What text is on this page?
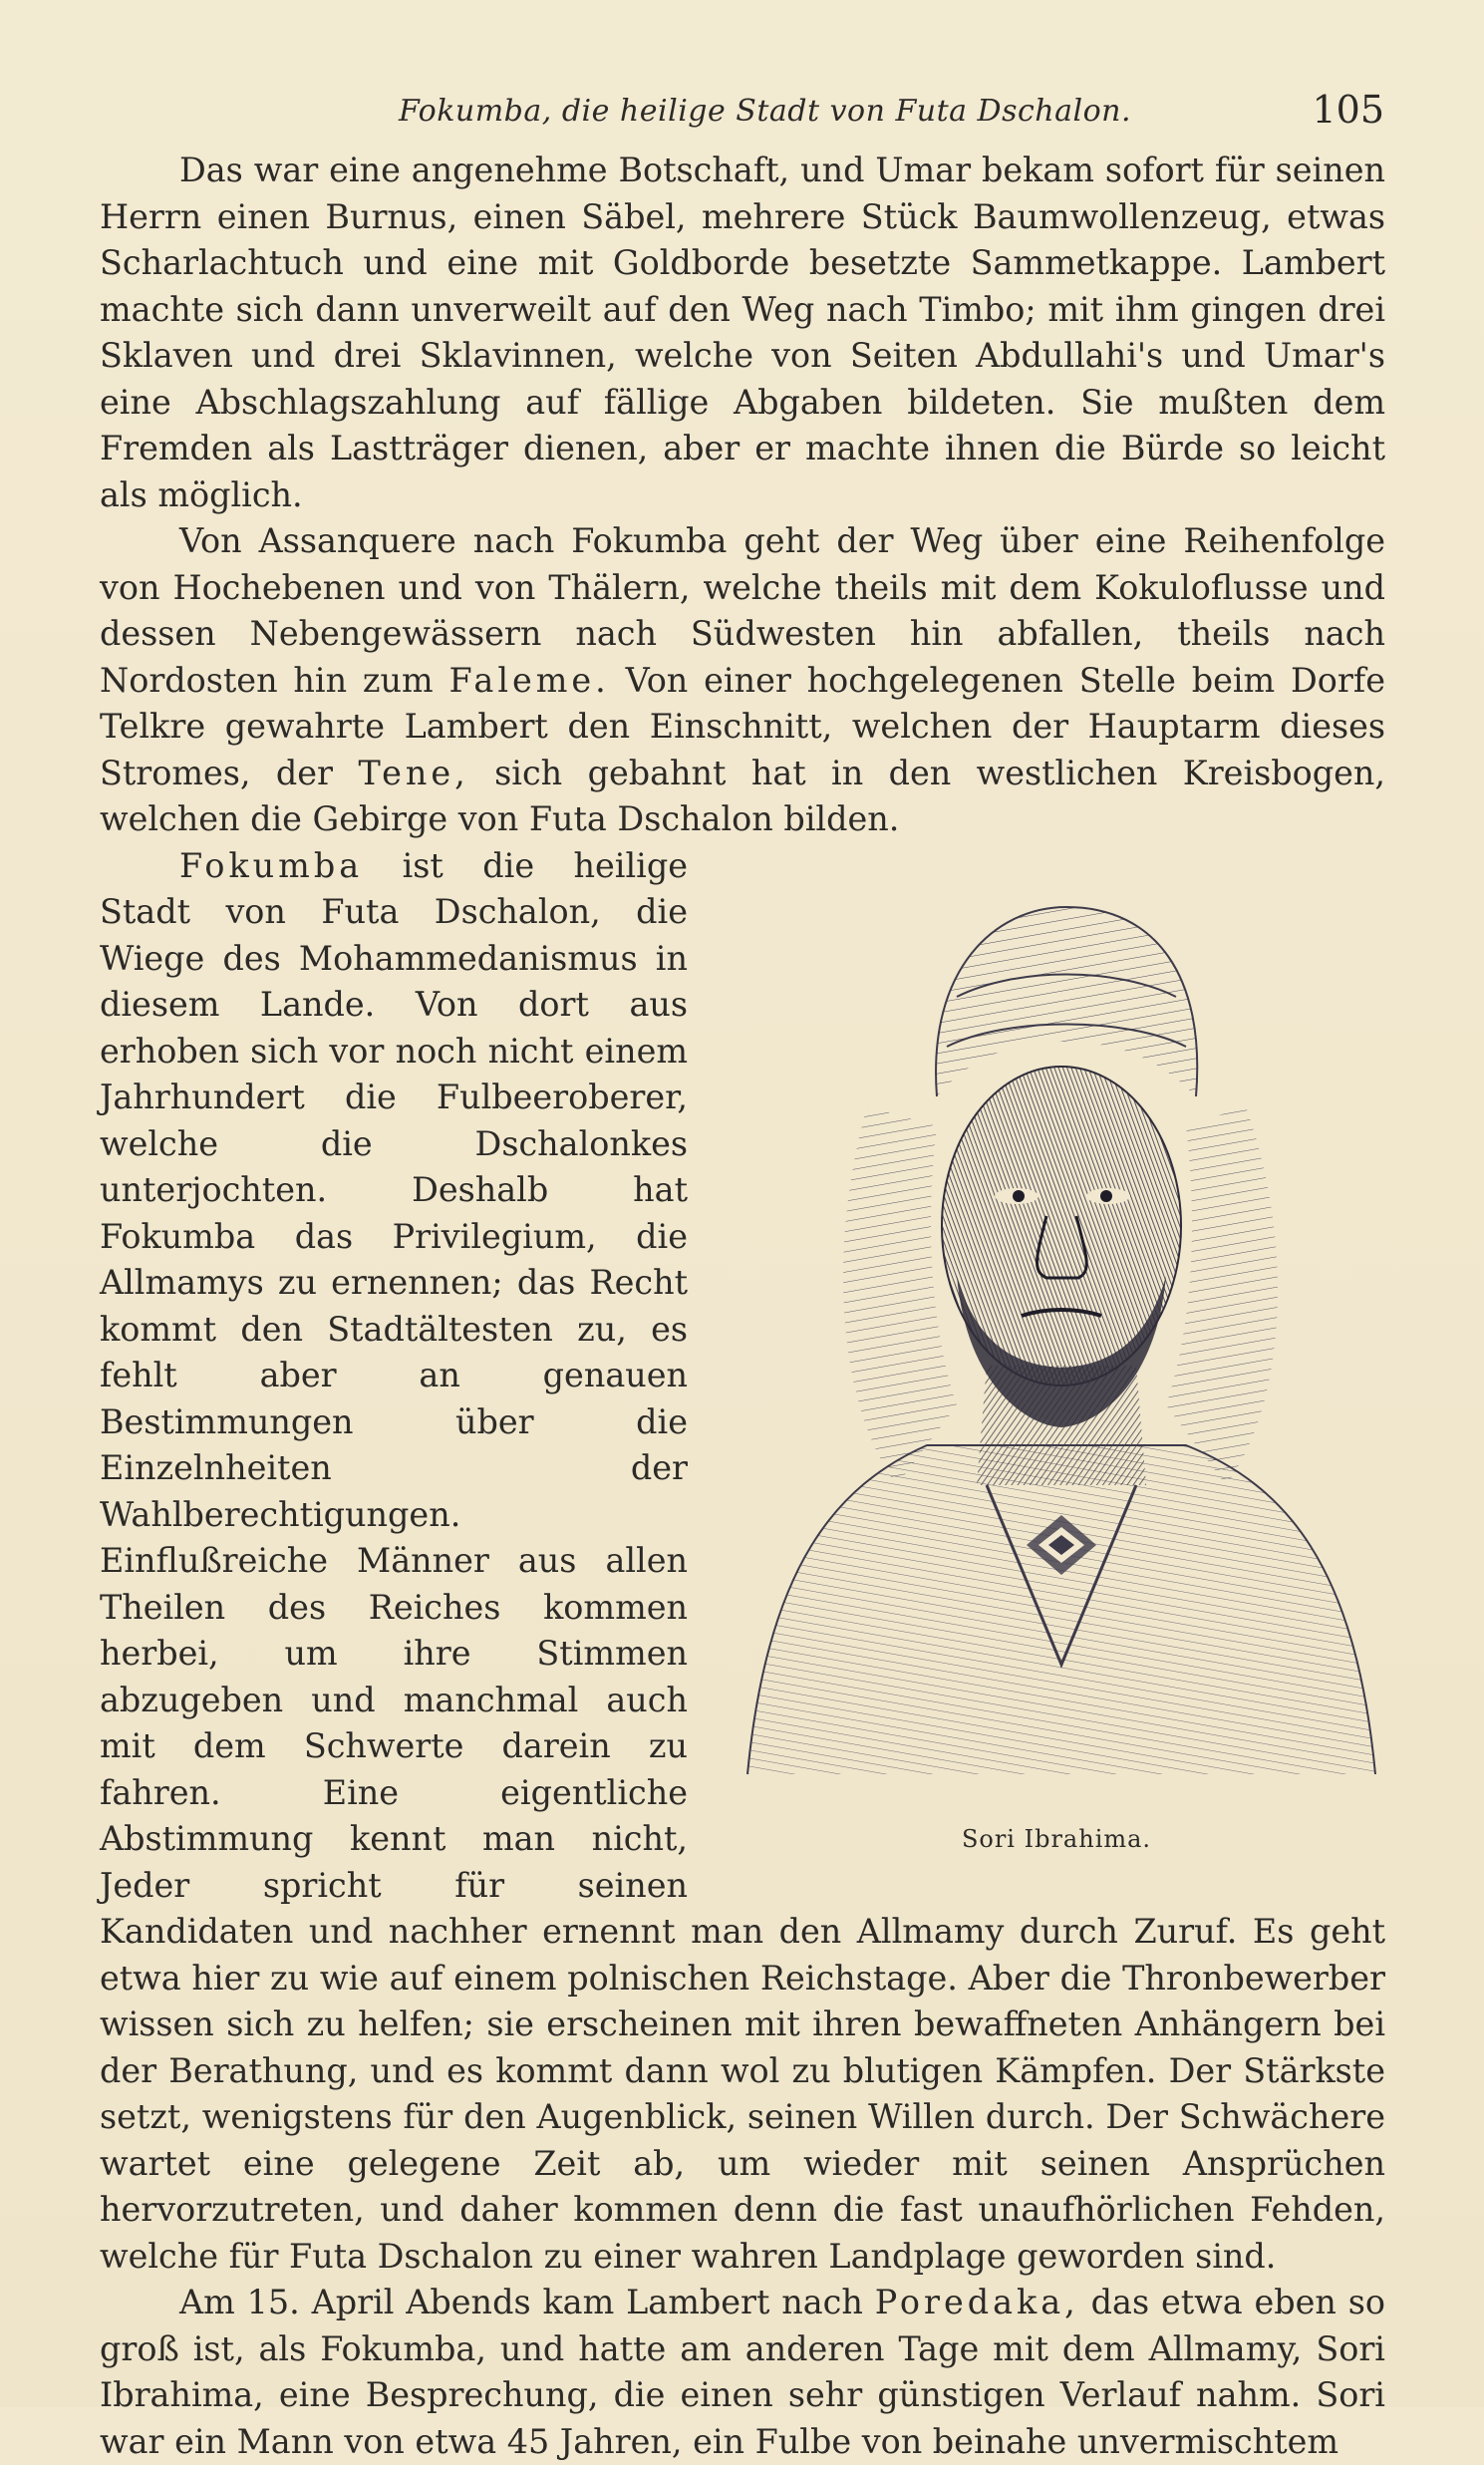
Fokumba, die heilige Stadt von Futa Dschalon.	105

Das war eine angenehme Botschaft, und Umar bekam sofort für seinen Herrn einen Burnus, einen Säbel, mehrere Stück Baumwollenzeug, etwas Scharlachtuch und eine mit Goldborde besetzte Sammetkappe. Lambert machte sich dann unverweilt auf den Weg nach Timbo; mit ihm gingen drei Sklaven und drei Sklavinnen, welche von Seiten Abdullahi's und Umar's eine Abschlagszahlung auf fällige Abgaben bildeten. Sie mußten dem Fremden als Lastträger dienen, aber er machte ihnen die Bürde so leicht als möglich.

Von Assanquere nach Fokumba geht der Weg über eine Reihenfolge von Hochebenen und von Thälern, welche theils mit dem Kokuloflusse und dessen Nebengewässern nach Südwesten hin abfallen, theils nach Nordosten hin zum Faleme. Von einer hochgelegenen Stelle beim Dorfe Telkre gewahrte Lambert den Einschnitt, welchen der Hauptarm dieses Stromes, der Tene, sich gebahnt hat in den westlichen Kreisbogen, welchen die Gebirge von Futa Dschalon bilden.

Sori Ibrahima.

Fokumba ist die heilige Stadt von Futa Dschalon, die Wiege des Mohammedanismus in diesem Lande. Von dort aus erhoben sich vor noch nicht einem Jahrhundert die Fulbeeroberer, welche die Dschalonkes unterjochten. Deshalb hat Fokumba das Privilegium, die Allmamys zu ernennen; das Recht kommt den Stadtältesten zu, es fehlt aber an genauen Bestimmungen über die Einzelnheiten der Wahlberechtigungen. Einflußreiche Männer aus allen Theilen des Reiches kommen herbei, um ihre Stimmen abzugeben und manchmal auch mit dem Schwerte darein zu fahren. Eine eigentliche Abstimmung kennt man nicht, Jeder spricht für seinen Kandidaten und nachher ernennt man den Allmamy durch Zuruf. Es geht etwa hier zu wie auf einem polnischen Reichstage. Aber die Thronbewerber wissen sich zu helfen; sie erscheinen mit ihren bewaffneten Anhängern bei der Berathung, und es kommt dann wol zu blutigen Kämpfen. Der Stärkste setzt, wenigstens für den Augenblick, seinen Willen durch. Der Schwächere wartet eine gelegene Zeit ab, um wieder mit seinen Ansprüchen hervorzutreten, und daher kommen denn die fast unaufhörlichen Fehden, welche für Futa Dschalon zu einer wahren Landplage geworden sind.

Am 15. April Abends kam Lambert nach Poredaka, das etwa eben so groß ist, als Fokumba, und hatte am anderen Tage mit dem Allmamy, Sori Ibrahima, eine Besprechung, die einen sehr günstigen Verlauf nahm. Sori war ein Mann von etwa 45 Jahren, ein Fulbe von beinahe unvermischtem
